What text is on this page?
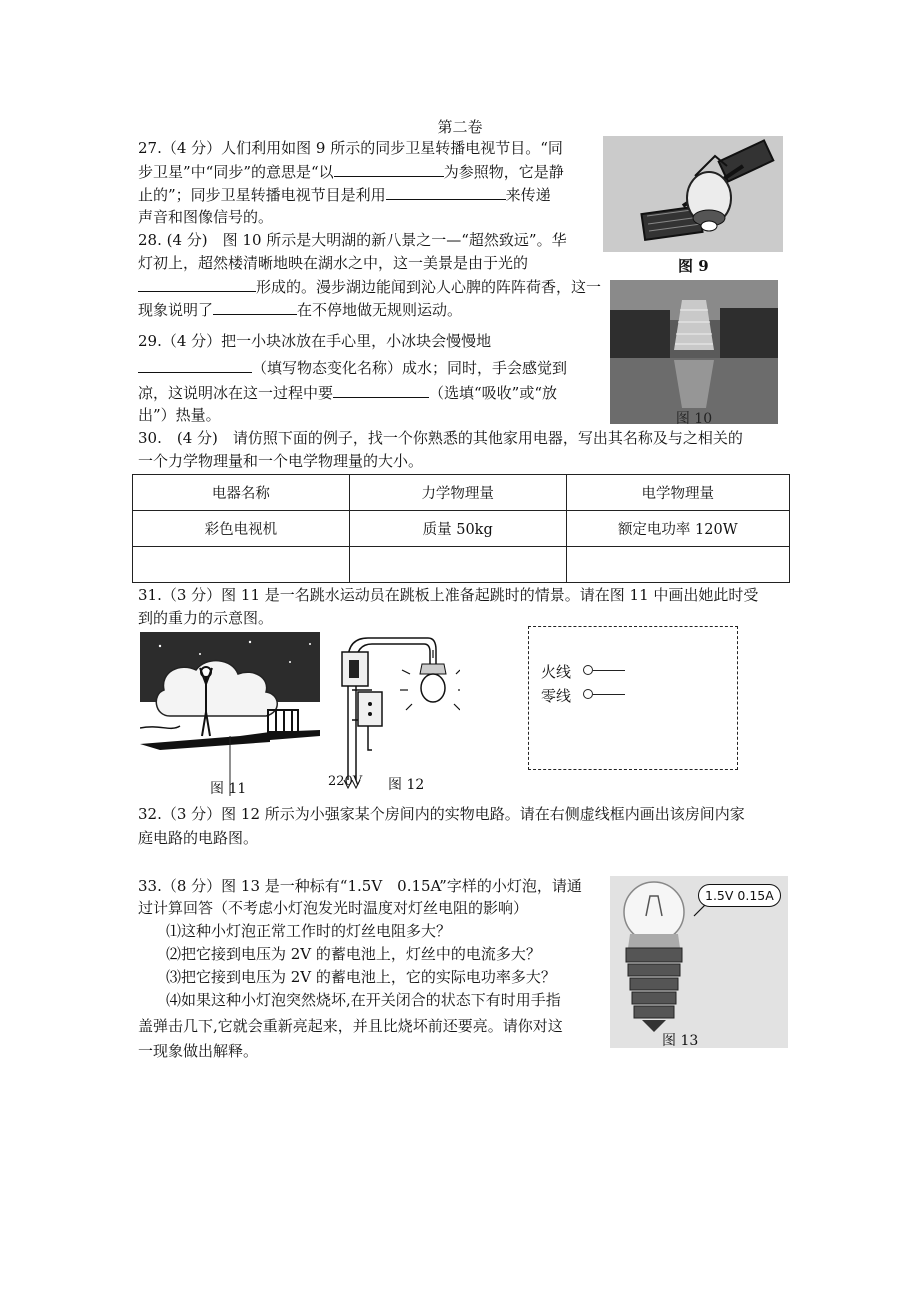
第二卷
27.（4 分）人们利用如图 9 所示的同步卫星转播电视节目。“同
步卫星”中“同步”的意思是“以	为参照物，它是静
止的”；同步卫星转播电视节目是利用	来传递
声音和图像信号的。
图 9
28. (4 分)　图 10 所示是大明湖的新八景之一—“超然致远”。华
灯初上，超然楼清晰地映在湖水之中，这一美景是由于光的
形成的。漫步湖边能闻到沁人心脾的阵阵荷香，这一
现象说明了	在不停地做无规则运动。
图 10
29.（4 分）把一小块冰放在手心里，小冰块会慢慢地
（填写物态变化名称）成水；同时，手会感觉到
凉，这说明冰在这一过程中要	（选填“吸收”或“放
出”）热量。
30.　(4 分)　请仿照下面的例子，找一个你熟悉的其他家用电器，写出其名称及与之相关的
一个力学物理量和一个电学物理量的大小。
电器名称	力学物理量	电学物理量
彩色电视机	质量 50kg	额定电功率 120W

31.（3 分）图 11 是一名跳水运动员在跳板上准备起跳时的情景。请在图 11 中画出她此时受
到的重力的示意图。
图 11	220V 图 12
火线
零线
32.（3 分）图 12 所示为小强家某个房间内的实物电路。请在右侧虚线框内画出该房间内家
庭电路的电路图。
33.（8 分）图 13 是一种标有“1.5V　0.15A”字样的小灯泡，请通
过计算回答（不考虑小灯泡发光时温度对灯丝电阻的影响）
⑴这种小灯泡正常工作时的灯丝电阻多大？
⑵把它接到电压为 2V 的蓄电池上，灯丝中的电流多大？
⑶把它接到电压为 2V 的蓄电池上，它的实际电功率多大？
⑷如果这种小灯泡突然烧坏,在开关闭合的状态下有时用手指
盖弹击几下,它就会重新亮起来，并且比烧坏前还要亮。请你对这
一现象做出解释。
1.5V 0.15A
图 13
